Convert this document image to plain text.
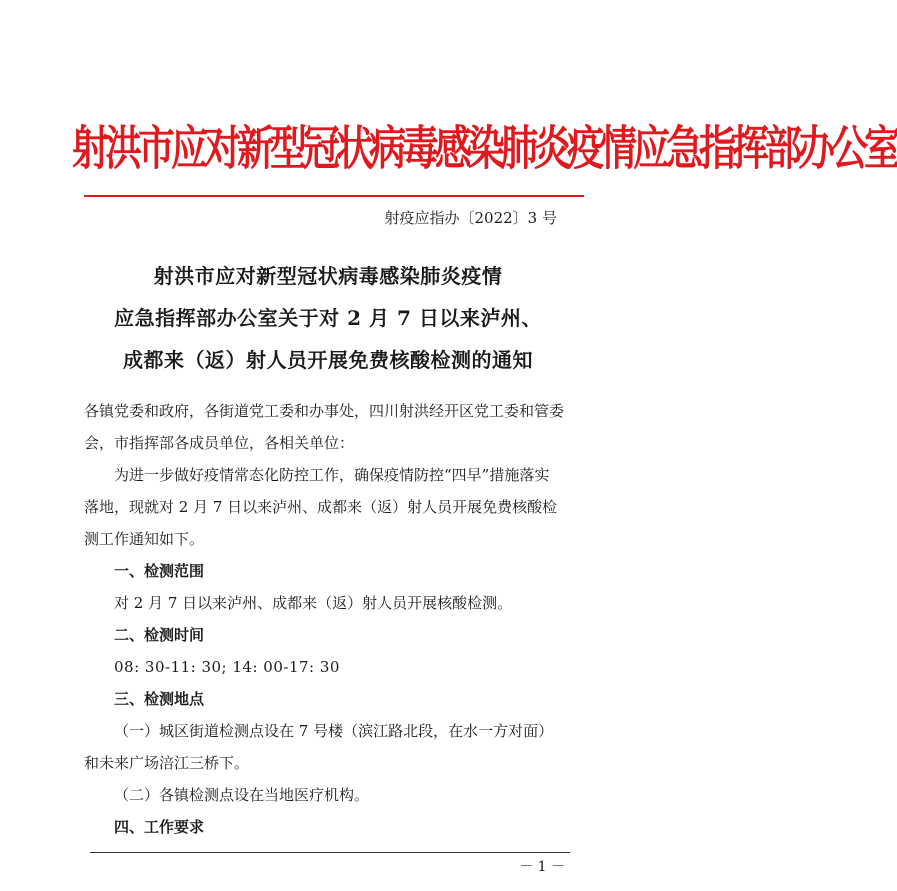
射洪市应对新型冠状病毒感染肺炎疫情应急指挥部办公室
射疫应指办〔2022〕3 号
射洪市应对新型冠状病毒感染肺炎疫情
应急指挥部办公室关于对 2 月 7 日以来泸州、
成都来（返）射人员开展免费核酸检测的通知

各镇党委和政府，各街道党工委和办事处，四川射洪经开区党工委和管委会，市指挥部各成员单位，各相关单位：

为进一步做好疫情常态化防控工作，确保疫情防控“四早”措施落实落地，现就对 2 月 7 日以来泸州、成都来（返）射人员开展免费核酸检测工作通知如下。

一、检测范围

对 2 月 7 日以来泸州、成都来（返）射人员开展核酸检测。

二、检测时间

08: 30-11: 30; 14: 00-17: 30

三、检测地点

（一）城区街道检测点设在 7 号楼（滨江路北段，在水一方对面）和未来广场涪江三桥下。

（二）各镇检测点设在当地医疗机构。

四、工作要求

－ 1 －
